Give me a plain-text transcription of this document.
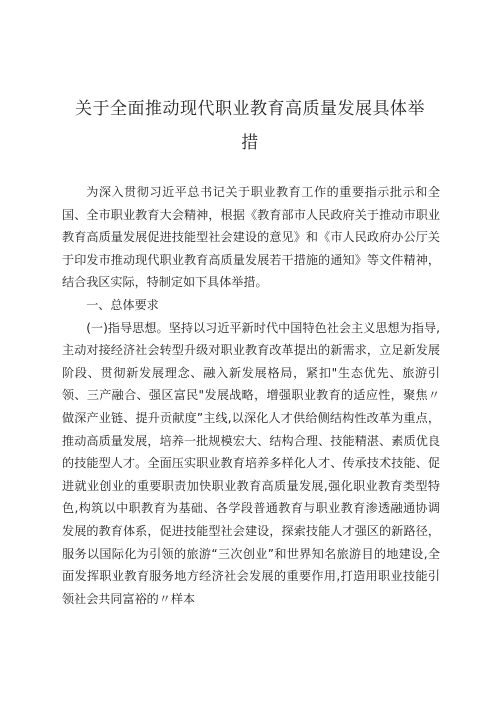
关于全面推动现代职业教育高质量发展具体举
措

为深入贯彻习近平总书记关于职业教育工作的重要指示批示和全国、全市职业教育大会精神，根据《教育部市人民政府关于推动市职业教育高质量发展促进技能型社会建设的意见》和《市人民政府办公厅关于印发市推动现代职业教育高质量发展若干措施的通知》等文件精神，结合我区实际，特制定如下具体举措。

一、总体要求

(一)指导思想。坚持以习近平新时代中国特色社会主义思想为指导,主动对接经济社会转型升级对职业教育改革提出的新需求，立足新发展阶段、贯彻新发展理念、融入新发展格局，紧扣"生态优先、旅游引领、三产融合、强区富民"发展战略，增强职业教育的适应性，聚焦〃做深产业链、提升贡献度”主线,以深化人才供给侧结构性改革为重点，推动高质量发展，培养一批规模宏大、结构合理、技能精湛、素质优良的技能型人才。全面压实职业教育培养多样化人才、传承技术技能、促进就业创业的重要职责加快职业教育高质量发展,强化职业教育类型特色,构筑以中职教育为基础、各学段普通教育与职业教育渗透融通协调发展的教育体系，促进技能型社会建设，探索技能人才强区的新路径，服务以国际化为引领的旅游“三次创业”和世界知名旅游目的地建设,全面发挥职业教育服务地方经济社会发展的重要作用,打造用职业技能引领社会共同富裕的〃样本
